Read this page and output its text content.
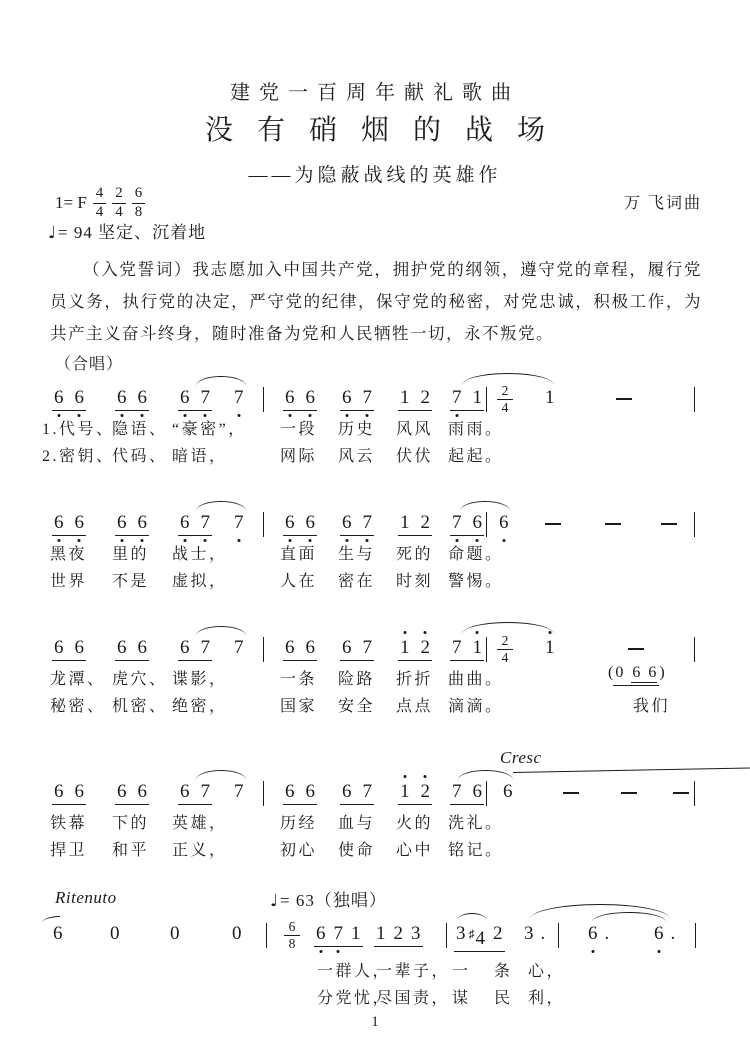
建党一百周年献礼歌曲
没有硝烟的战场
——为隐蔽战线的英雄作
1= F $\frac{4}{4} \frac{2}{4} \frac{6}{8}$	万 飞词曲
♩= 94 坚定、沉着地
（入党誓词）我志愿加入中国共产党，拥护党的纲领，遵守党的章程，履行党员义务，执行党的决定，严守党的纪律，保守党的秘密，对党忠诚，积极工作，为共产主义奋斗终身，随时准备为党和人民牺牲一切，永不叛党。
（合唱）
6 6 6 6 6 7 7 6 6 6 7 1 2 7 $1 \frac{2}{4} 1$
1.代号、
隐语、 “豪密”， 一段 历史 风风 雨雨。
2.密钥、
代码、 暗语，	网际 风云 伏伏 起起。
6 6 6 6 6 7 7 6 6 6 7 1 2 7 6 6
黑夜 里的 战士，	直面 生与 死的 命题。
世界 不是 虚拟，	人在 密在 时刻 警惕。
6 6 6 6 6 7 7 6 6 6 7 1 2 7 $1 \frac{2}{4} 1$
龙潭、 虎穴、 谍影，	一条 险路 折折 曲曲。	( 0 6 6 )
秘密、 机密、 绝密，	国家 安全 点点 滴滴。	我们
Cresc
6 6 6 6 6 7 7 6 6 6 7 1 2 7 6 6
铁幕 下的 英雄，	历经 血与 火的 洗礼。
捍卫 和平 正义，	初心 使命 心中 铭记。
Ritenuto	♩= 63（独唱）
6	0	0	0	$\frac{6}{8} 6$ 7 1 1 2 3 3 ♯4 2 3 . 6 . 6 .
一群人，
一辈子， 一 条 心，
分党忧，
尽国责， 谋 民 利，
1
